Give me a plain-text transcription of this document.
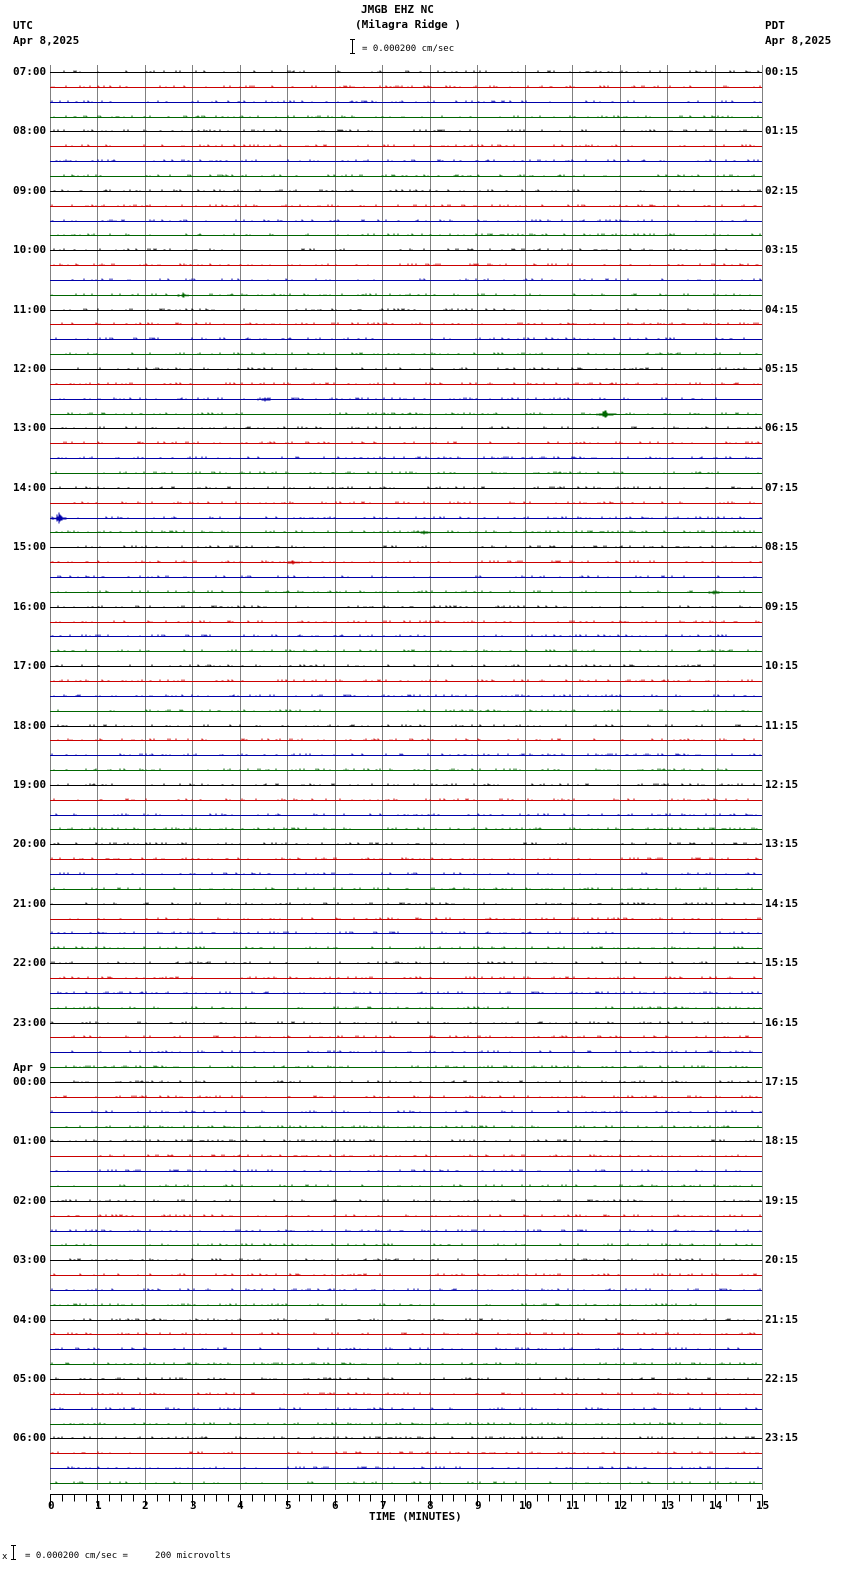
JMGB EHZ NC
(Milagra Ridge )
= 0.000200 cm/sec
UTC
Apr 8,2025
PDT
Apr 8,2025
07:00
08:00
09:00
10:00
11:00
12:00
13:00
14:00
15:00
16:00
17:00
18:00
19:00
20:00
21:00
22:00
23:00
Apr 9
00:00
01:00
02:00
03:00
04:00
05:00
06:00
00:15
01:15
02:15
03:15
04:15
05:15
06:15
07:15
08:15
09:15
10:15
11:15
12:15
13:15
14:15
15:15
16:15
17:15
18:15
19:15
20:15
21:15
22:15
23:15
0	1	2	3	4	5	6	7	8	9	10	11	12	13	14	15
TIME (MINUTES)
x = 0.000200 cm/sec =     200 microvolts
